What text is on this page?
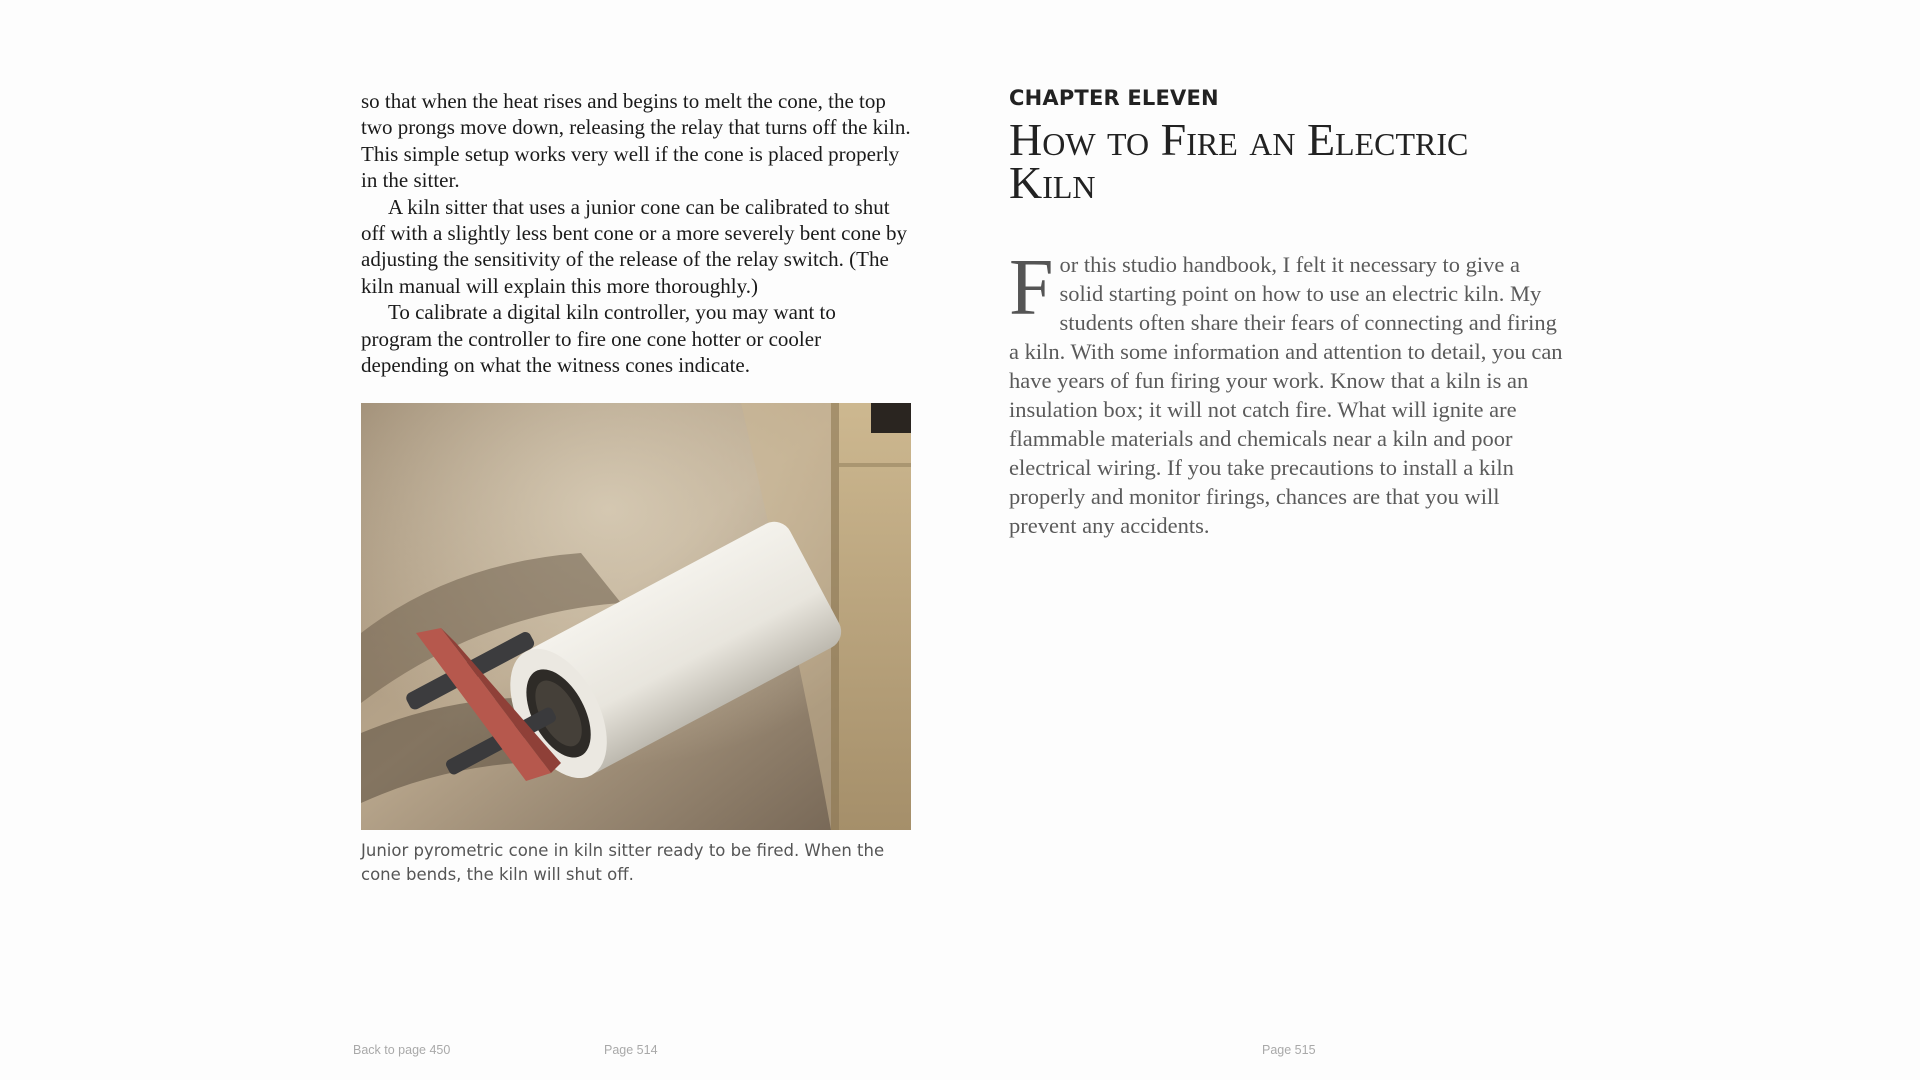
so that when the heat rises and begins to melt the cone, the top two prongs move down, releasing the relay that turns off the kiln. This simple setup works very well if the cone is placed properly in the sitter.

A kiln sitter that uses a junior cone can be calibrated to shut off with a slightly less bent cone or a more severely bent cone by adjusting the sensitivity of the release of the relay switch. (The kiln manual will explain this more thoroughly.)

To calibrate a digital kiln controller, you may want to program the controller to fire one cone hotter or cooler depending on what the witness cones indicate.

Junior pyrometric cone in kiln sitter ready to be fired. When the cone bends, the kiln will shut off.
CHAPTER ELEVEN
How to Fire an Electric Kiln
For this studio handbook, I felt it necessary to give a solid starting point on how to use an electric kiln. My students often share their fears of connecting and firing a kiln. With some information and attention to detail, you can have years of fun firing your work. Know that a kiln is an insulation box; it will not catch fire. What will ignite are flammable materials and chemicals near a kiln and poor electrical wiring. If you take precautions to install a kiln properly and monitor firings, chances are that you will prevent any accidents.
Back to page 450	Page 514	Page 515
